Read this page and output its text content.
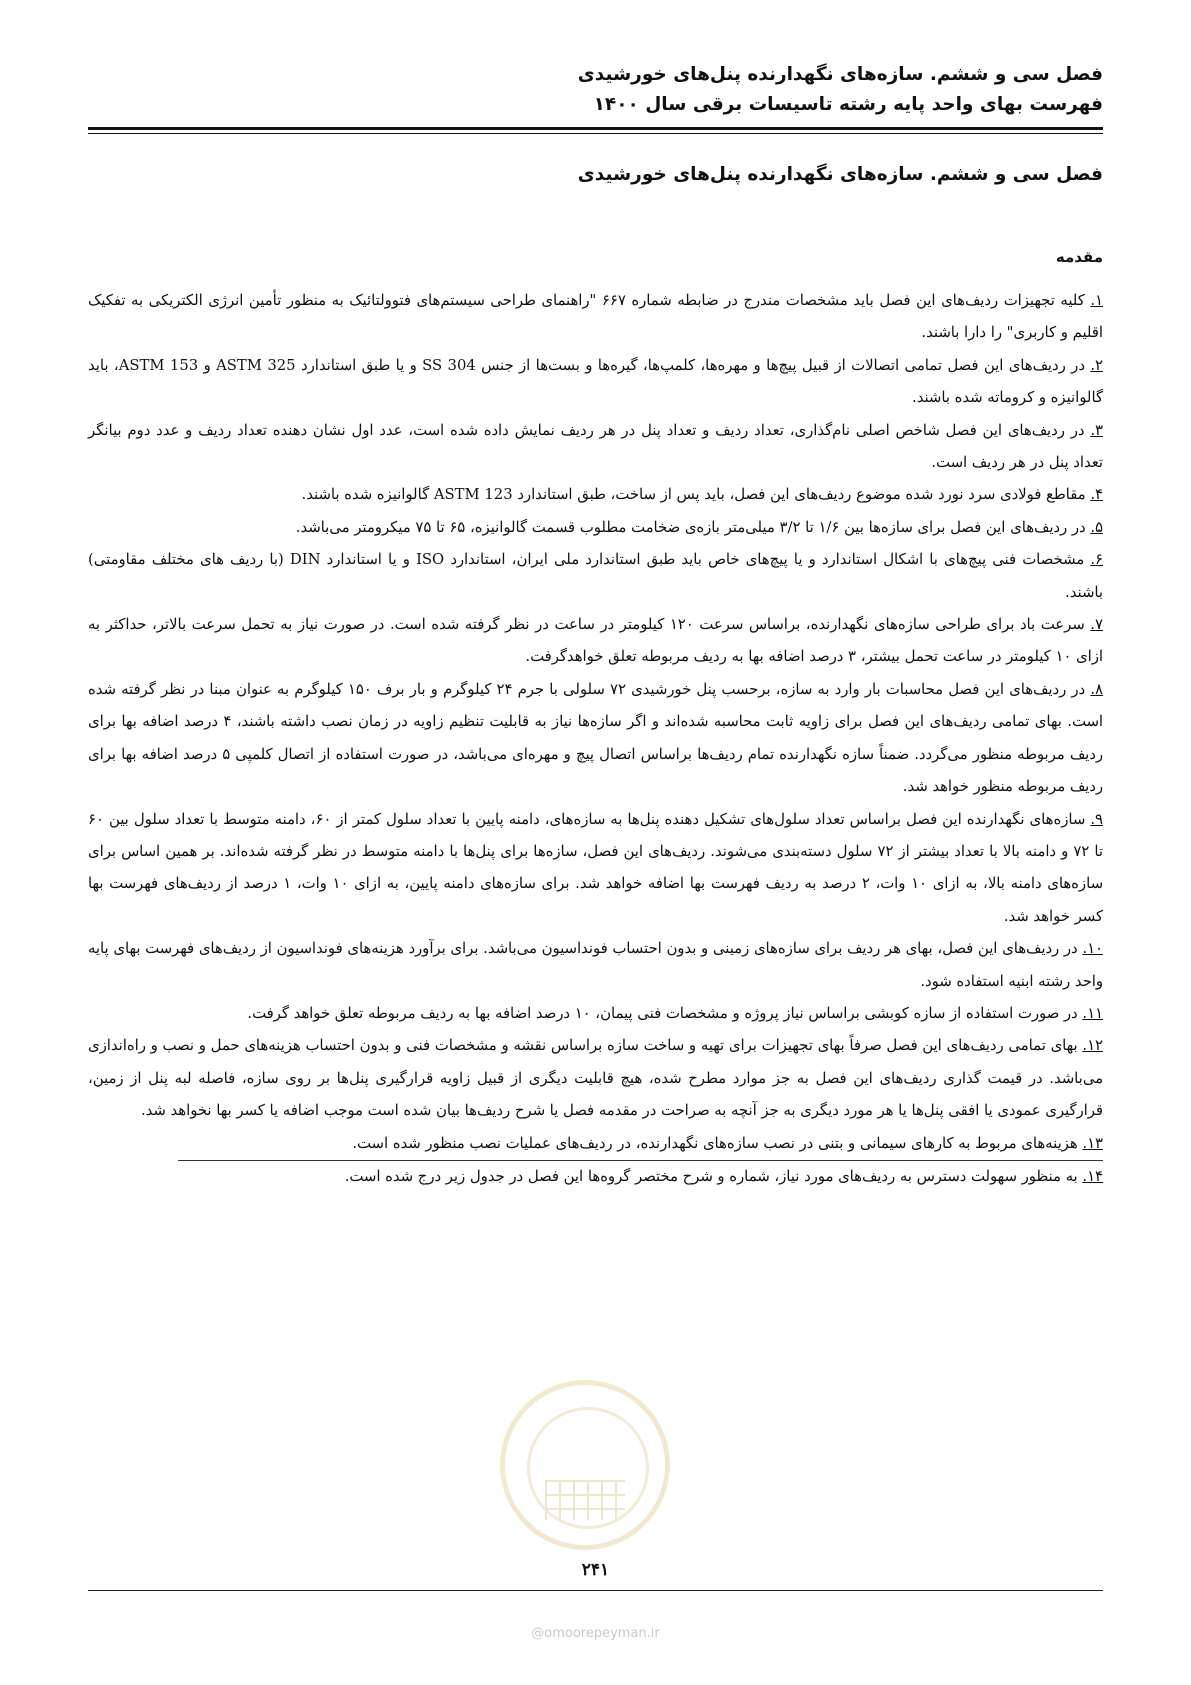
فصل سی و ششم. سازه‌های نگهدارنده پنل‌های خورشیدی
فهرست بهای واحد پایه رشته تاسیسات برقی سال ۱۴۰۰
فصل سی و ششم. سازه‌های نگهدارنده پنل‌های خورشیدی
مقدمه

۱. کلیه تجهیزات ردیف‌های این فصل باید مشخصات مندرج در ضابطه شماره ۶۶۷ "راهنمای طراحی سیستم‌های فتوولتائیک به منظور تأمین انرژی الکتریکی به تفکیک اقلیم و کاربری" را دارا باشند.

۲. در ردیف‌های این فصل تمامی اتصالات از قبیل پیچ‌ها و مهره‌ها، کلمپ‌ها، گیره‌ها و بست‌ها از جنس SS 304 و یا طبق استاندارد ASTM 325 و ASTM 153، باید گالوانیزه و کروماته شده باشند.

۳. در ردیف‌های این فصل شاخص اصلی نام‌گذاری، تعداد ردیف و تعداد پنل در هر ردیف نمایش داده شده است، عدد اول نشان دهنده تعداد ردیف و عدد دوم بیانگر تعداد پنل در هر ردیف است.

۴. مقاطع فولادی سرد نورد شده موضوع ردیف‌های این فصل، باید پس از ساخت، طبق استاندارد ASTM 123 گالوانیزه شده باشند.

۵. در ردیف‌های این فصل برای سازه‌ها بین ۱/۶ تا ۳/۲ میلی‌متر بازه‌ی ضخامت مطلوب قسمت گالوانیزه، ۶۵ تا ۷۵ میکرومتر می‌باشد.

۶. مشخصات فنی پیچ‌های با اشکال استاندارد و یا پیچ‌های خاص باید طبق استاندارد ملی ایران، استاندارد ISO و یا استاندارد DIN (با ردیف های مختلف مقاومتی) باشند.

۷. سرعت باد برای طراحی سازه‌های نگهدارنده، براساس سرعت ۱۲۰ کیلومتر در ساعت در نظر گرفته شده است. در صورت نیاز به تحمل سرعت بالاتر، حداکثر به ازای ۱۰ کیلومتر در ساعت تحمل بیشتر، ۳ درصد اضافه بها به ردیف مربوطه تعلق خواهدگرفت.

۸. در ردیف‌های این فصل محاسبات بار وارد به سازه، برحسب پنل خورشیدی ۷۲ سلولی با جرم ۲۴ کیلوگرم و بار برف ۱۵۰ کیلوگرم به عنوان مبنا در نظر گرفته شده است. بهای تمامی ردیف‌های این فصل برای زاویه ثابت محاسبه شده‌اند و اگر سازه‌ها نیاز به قابلیت تنظیم زاویه در زمان نصب داشته باشند، ۴ درصد اضافه بها برای ردیف مربوطه منظور می‌گردد. ضمناً سازه نگهدارنده تمام ردیف‌ها براساس اتصال پیچ و مهره‌ای می‌باشد، در صورت استفاده از اتصال کلمپی ۵ درصد اضافه بها برای ردیف مربوطه منظور خواهد شد.

۹. سازه‌های نگهدارنده این فصل براساس تعداد سلول‌های تشکیل دهنده پنل‌ها به سازه‌های، دامنه پایین با تعداد سلول کمتر از ۶۰، دامنه متوسط با تعداد سلول بین ۶۰ تا ۷۲ و دامنه بالا با تعداد بیشتر از ۷۲ سلول دسته‌بندی می‌شوند. ردیف‌های این فصل، سازه‌ها برای پنل‌ها با دامنه متوسط در نظر گرفته شده‌اند. بر همین اساس برای سازه‌های دامنه بالا، به ازای ۱۰ وات، ۲ درصد به ردیف فهرست بها اضافه خواهد شد. برای سازه‌های دامنه پایین، به ازای ۱۰ وات، ۱ درصد از ردیف‌های فهرست بها کسر خواهد شد.

۱۰. در ردیف‌های این فصل، بهای هر ردیف برای سازه‌های زمینی و بدون احتساب فونداسیون می‌باشد. برای برآورد هزینه‌های فونداسیون از ردیف‌های فهرست بهای پایه واحد رشته ابنیه استفاده شود.

۱۱. در صورت استفاده از سازه کوبشی براساس نیاز پروژه و مشخصات فنی پیمان، ۱۰ درصد اضافه بها به ردیف مربوطه تعلق خواهد گرفت.

۱۲. بهای تمامی ردیف‌های این فصل صرفاً بهای تجهیزات برای تهیه و ساخت سازه براساس نقشه و مشخصات فنی و بدون احتساب هزینه‌های حمل و نصب و راه‌اندازی می‌باشد. در قیمت گذاری ردیف‌های این فصل به جز موارد مطرح شده، هیچ قابلیت دیگری از قبیل زاویه قرارگیری پنل‌ها بر روی سازه، فاصله لبه پنل از زمین، قرارگیری عمودی یا افقی پنل‌ها یا هر مورد دیگری به جز آنچه به صراحت در مقدمه فصل یا شرح ردیف‌ها بیان شده است موجب اضافه یا کسر بها نخواهد شد.

۱۳. هزینه‌های مربوط به کارهای سیمانی و بتنی در نصب سازه‌های نگهدارنده، در ردیف‌های عملیات نصب منظور شده است.

۱۴. به منظور سهولت دسترس به ردیف‌های مورد نیاز، شماره و شرح مختصر گروه‌ها این فصل در جدول زیر درج شده است.

۲۴۱
@omoorepeyman.ir
